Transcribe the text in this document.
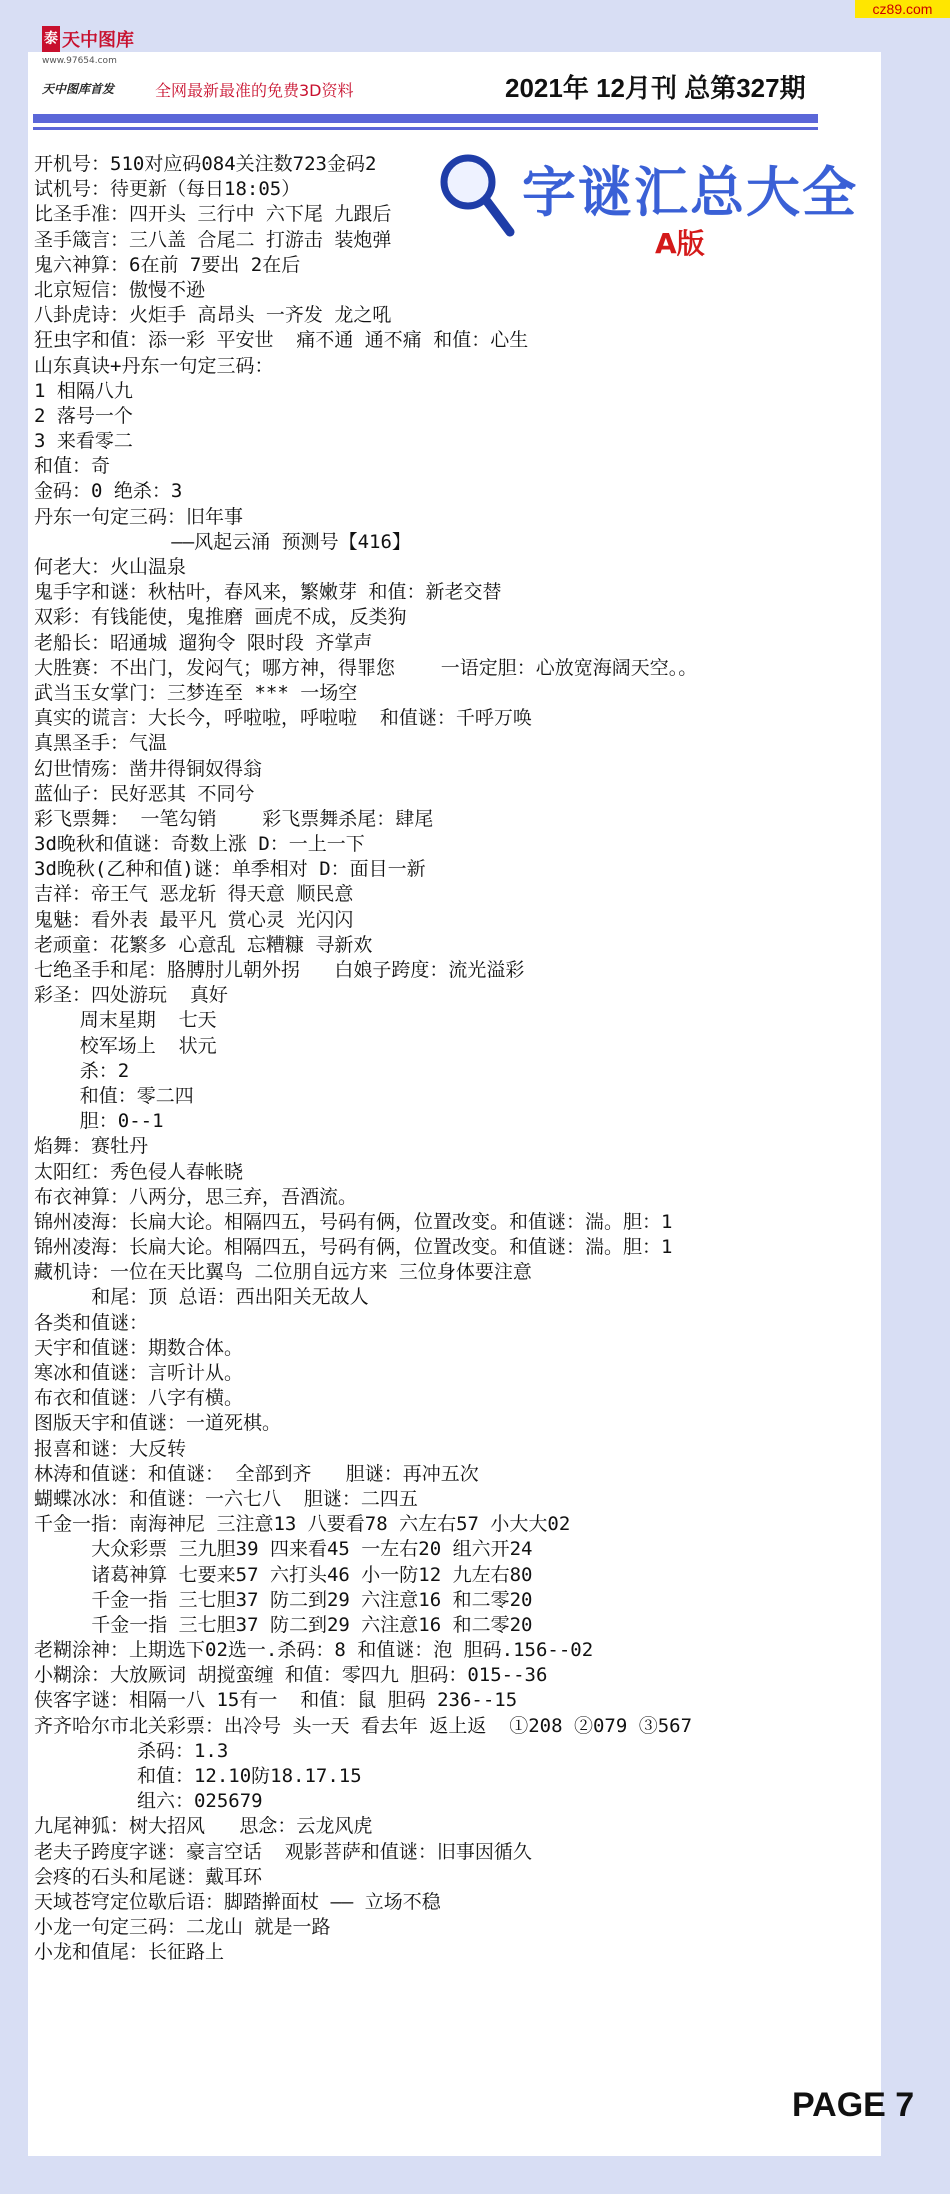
cz89.com
泰 天中图库
www.97654.com
天中图库首发	全网最新最准的免费3D资料	2021年 12月刊 总第327期
字谜汇总大全
A版
开机号：510对应码084关注数723金码2
试机号：待更新（每日18:05）
比圣手准：四开头 三行中 六下尾 九跟后
圣手箴言：三八盖 合尾二 打游击 装炮弹
鬼六神算：6在前 7要出 2在后
北京短信：傲慢不逊
八卦虎诗：火炬手 高昂头 一齐发 龙之吼
狂虫字和值：添一彩 平安世  痛不通 通不痛 和值：心生
山东真诀+丹东一句定三码：
1 相隔八九
2 落号一个
3 来看零二
和值：奇
金码：0 绝杀：3
丹东一句定三码：旧年事
——风起云涌 预测号【416】
何老大：火山温泉
鬼手字和谜：秋枯叶，春风来，繁嫩芽 和值：新老交替
双彩：有钱能使，鬼推磨 画虎不成，反类狗
老船长：昭通城 遛狗令 限时段 齐掌声
大胜赛：不出门，发闷气；哪方神，得罪您    一语定胆：心放宽海阔天空。。
武当玉女掌门：三梦连至 *** 一场空
真实的谎言：大长今，呼啦啦，呼啦啦  和值谜：千呼万唤
真黑圣手：气温
幻世情殇：凿井得铜奴得翁
蓝仙子：民好恶其 不同兮
彩飞票舞： 一笔勾销    彩飞票舞杀尾：肆尾
3d晚秋和值谜：奇数上涨 D：一上一下
3d晚秋(乙种和值)谜：单季相对 D：面目一新
吉祥：帝王气 恶龙斩 得天意 顺民意
鬼魅：看外表 最平凡 赏心灵 光闪闪
老顽童：花繁多 心意乱 忘糟糠 寻新欢
七绝圣手和尾：胳膊肘儿朝外拐   白娘子跨度：流光溢彩
彩圣：四处游玩  真好
周末星期  七天
校军场上  状元
杀：2
和值：零二四
胆：0--1
焰舞：赛牡丹
太阳红：秀色侵人春帐晓
布衣神算：八两分，思三弃，吾酒流。
锦州凌海：长扁大论。相隔四五，号码有俩，位置改变。和值谜：湍。胆：1
锦州凌海：长扁大论。相隔四五，号码有俩，位置改变。和值谜：湍。胆：1
藏机诗：一位在天比翼鸟 二位朋自远方来 三位身体要注意
和尾：顶 总语：西出阳关无故人
各类和值谜：
天宇和值谜：期数合体。
寒冰和值谜：言听计从。
布衣和值谜：八字有横。
图版天宇和值谜：一道死棋。
报喜和谜：大反转
林涛和值谜：和值谜： 全部到齐   胆谜：再冲五次
蝴蝶冰冰：和值谜：一六七八  胆谜：二四五
千金一指：南海神尼 三注意13 八要看78 六左右57 小大大02
大众彩票 三九胆39 四来看45 一左右20 组六开24
诸葛神算 七要来57 六打头46 小一防12 九左右80
千金一指 三七胆37 防二到29 六注意16 和二零20
千金一指 三七胆37 防二到29 六注意16 和二零20
老糊涂神：上期选下02选一.杀码：8 和值谜：泡 胆码.156--02
小糊涂：大放厥词 胡搅蛮缠 和值：零四九 胆码：015--36
侠客字谜：相隔一八 15有一  和值：鼠 胆码 236--15
齐齐哈尔市北关彩票：出冷号 头一天 看去年 返上返  ①208 ②079 ③567
杀码：1.3
和值：12.10防18.17.15
组六：025679
九尾神狐：树大招风   思念：云龙风虎
老夫子跨度字谜：豪言空话  观影菩萨和值谜：旧事因循久
会疼的石头和尾谜：戴耳环
天域苍穹定位歇后语：脚踏擀面杖 —— 立场不稳
小龙一句定三码：二龙山 就是一路
小龙和值尾：长征路上
PAGE 7
